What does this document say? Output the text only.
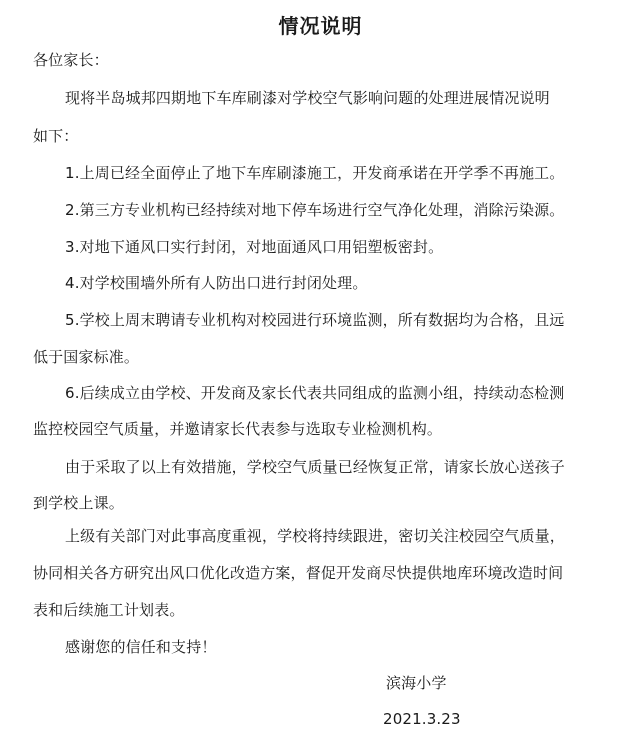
情况说明
各位家长：
现将半岛城邦四期地下车库刷漆对学校空气影响问题的处理进展情况说明
如下：
1.上周已经全面停止了地下车库刷漆施工，开发商承诺在开学季不再施工。
2.第三方专业机构已经持续对地下停车场进行空气净化处理，消除污染源。
3.对地下通风口实行封闭，对地面通风口用铝塑板密封。
4.对学校围墙外所有人防出口进行封闭处理。
5.学校上周末聘请专业机构对校园进行环境监测，所有数据均为合格，且远
低于国家标准。
6.后续成立由学校、开发商及家长代表共同组成的监测小组，持续动态检测
监控校园空气质量，并邀请家长代表参与选取专业检测机构。
由于采取了以上有效措施，学校空气质量已经恢复正常，请家长放心送孩子
到学校上课。
上级有关部门对此事高度重视，学校将持续跟进，密切关注校园空气质量，
协同相关各方研究出风口优化改造方案，督促开发商尽快提供地库环境改造时间
表和后续施工计划表。
感谢您的信任和支持！
滨海小学
2021.3.23
